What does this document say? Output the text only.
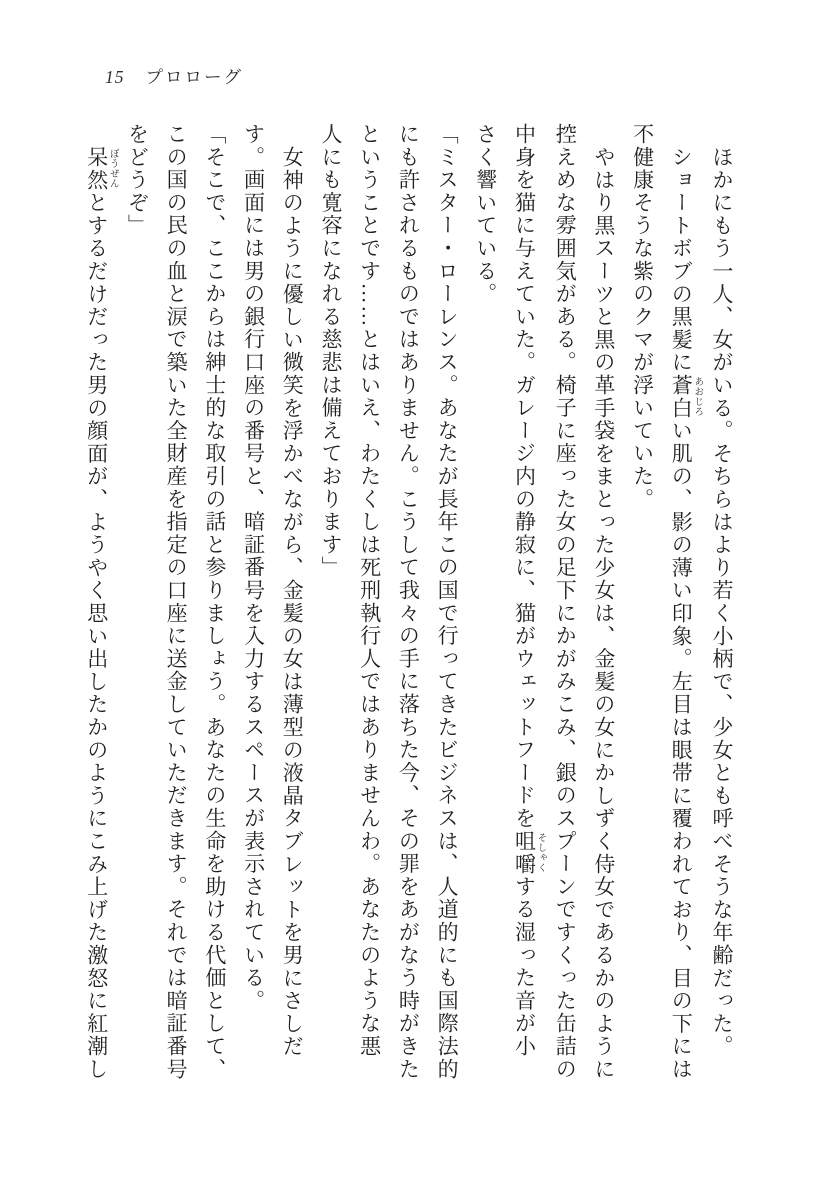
15 プロローグ

ほかにもう一人、女がいる。そちらはより若く小柄で、少女とも呼べそうな年齢だった。

ショートボブの黒髪に蒼白 あおじろい肌の、影の薄い印象。左目は眼帯に覆われており、目の下には

不健康そうな紫のクマが浮いていた。

やはり黒スーツと黒の革手袋をまとった少女は、金髪の女にかしずく侍女であるかのように

控えめな雰囲気がある。椅子に座った女の足下にかがみこみ、銀のスプーンですくった缶詰の

中身を猫に与えていた。ガレージ内の静寂に、猫がウェットフードを咀嚼 そしゃくする湿った音が小

さく響いている。

「ミスター・ローレンス。あなたが長年この国で行ってきたビジネスは、人道的にも国際法的

にも許されるものではありません。こうして我々の手に落ちた今、その罪をあがなう時がきた

ということです……とはいえ、わたくしは死刑執行人ではありませんわ。あなたのような悪

人にも寛容になれる慈悲は備えております」

女神のように優しい微笑を浮かべながら、金髪の女は薄型の液晶タブレットを男にさしだ

す。画面には男の銀行口座の番号と、暗証番号を入力するスペースが表示されている。

「そこで、ここからは紳士的な取引の話と参りましょう。あなたの生命を助ける代価として、

この国の民の血と涙で築いた全財産を指定の口座に送金していただきます。それでは暗証番号

をどうぞ」

呆然 ぼうぜんとするだけだった男の顔面が、ようやく思い出したかのようにこみ上げた激怒に紅潮し
